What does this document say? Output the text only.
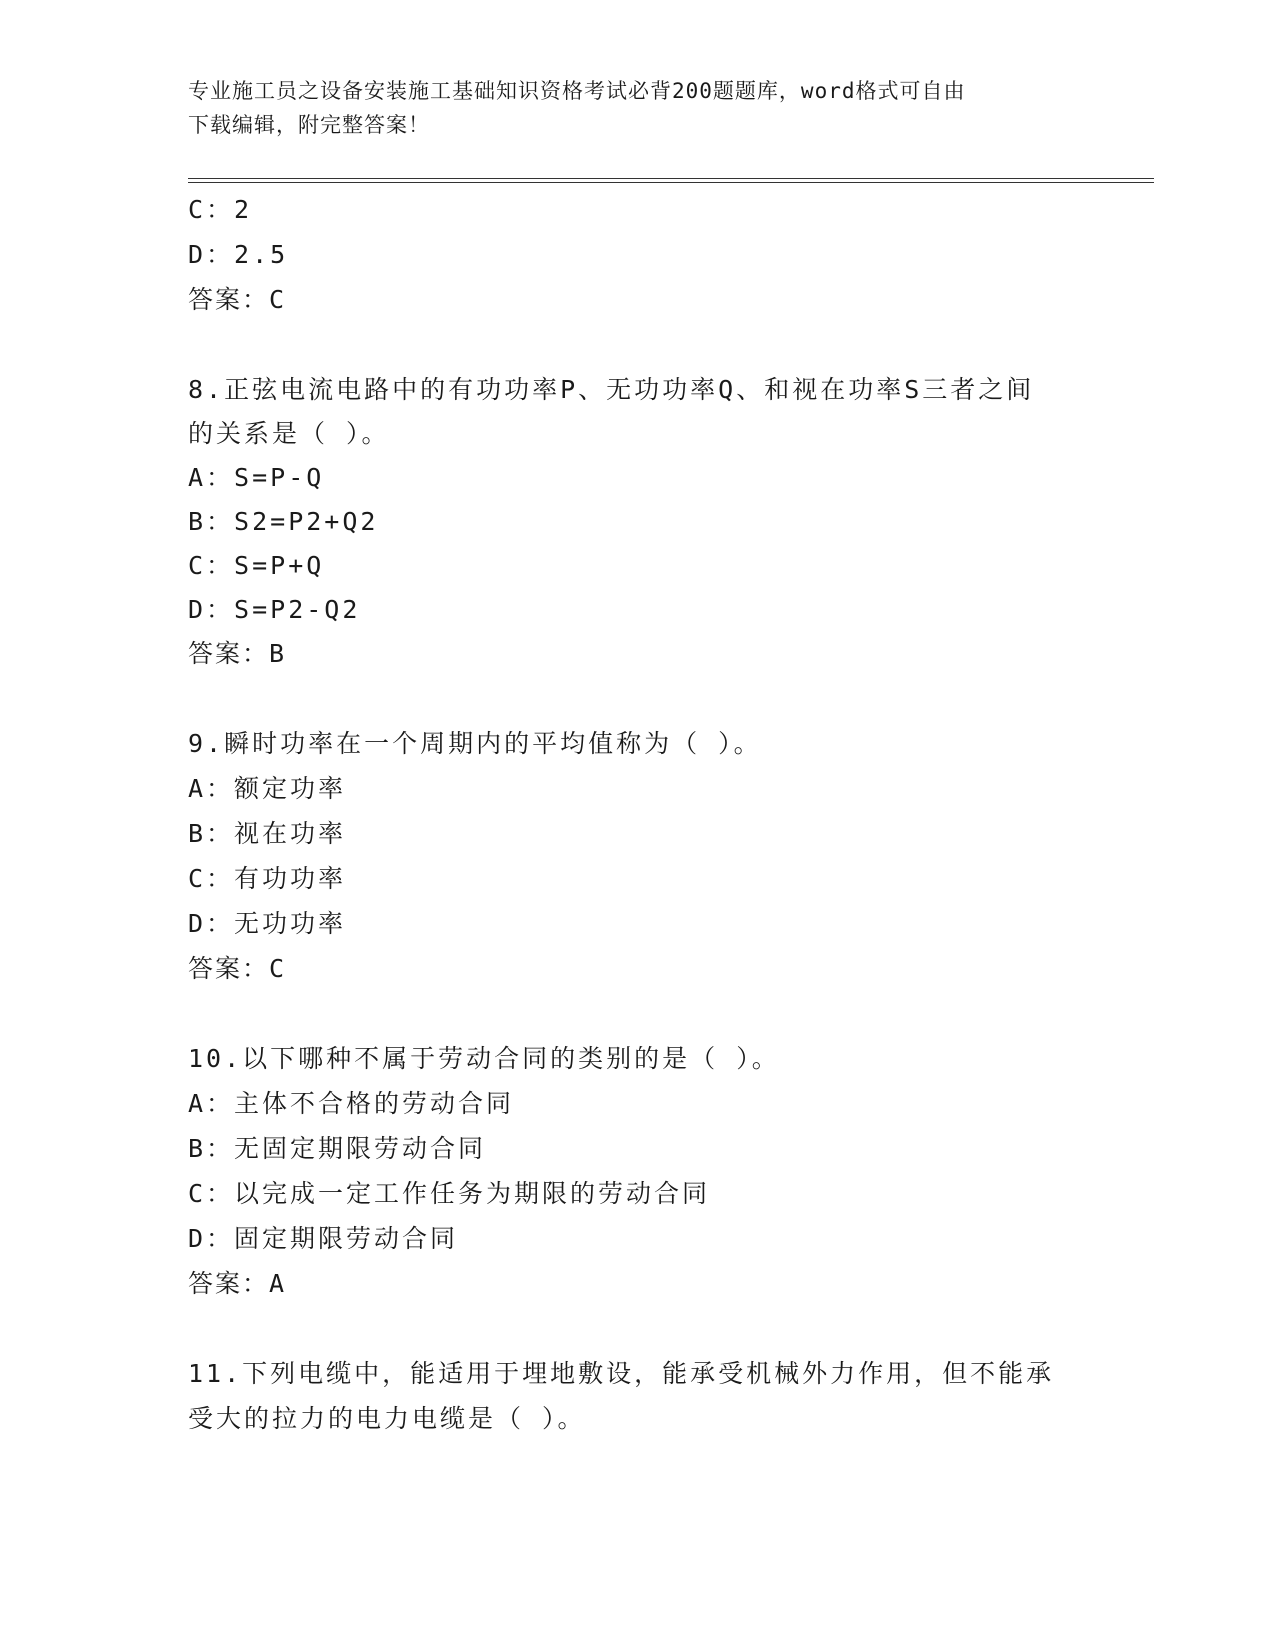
专业施工员之设备安装施工基础知识资格考试必背200题题库，word格式可自由
下载编辑，附完整答案！
C：2
D：2.5
答案：C
8.正弦电流电路中的有功功率P、无功功率Q、和视在功率S三者之间
的关系是（ ）。
A：S=P-Q
B：S2=P2+Q2
C：S=P+Q
D：S=P2-Q2
答案：B
9.瞬时功率在一个周期内的平均值称为（ ）。
A：额定功率
B：视在功率
C：有功功率
D：无功功率
答案：C
10.以下哪种不属于劳动合同的类别的是（ ）。
A：主体不合格的劳动合同
B：无固定期限劳动合同
C：以完成一定工作任务为期限的劳动合同
D：固定期限劳动合同
答案：A
11.下列电缆中，能适用于埋地敷设，能承受机械外力作用，但不能承
受大的拉力的电力电缆是（ ）。
